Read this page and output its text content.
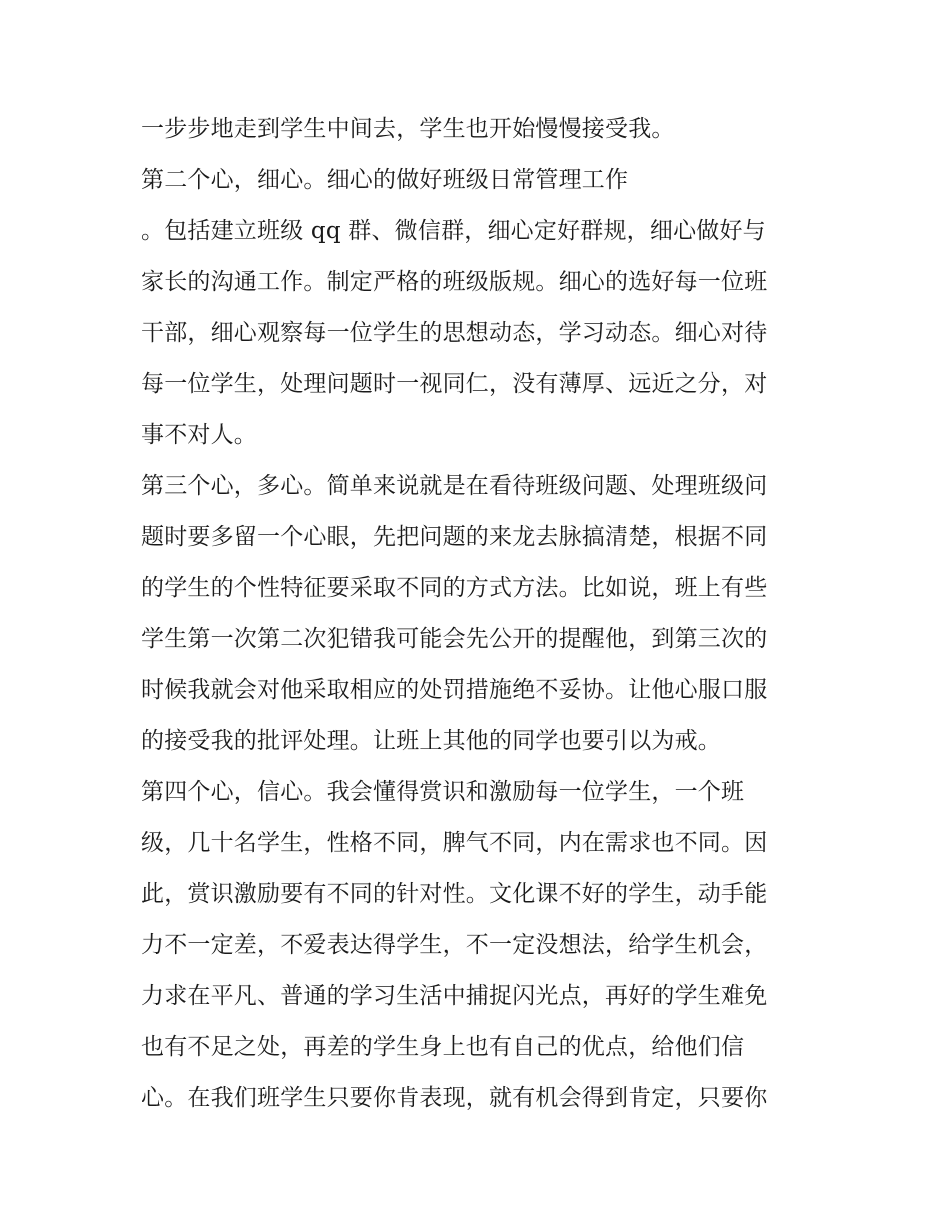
一步步地走到学生中间去，学生也开始慢慢接受我。
第二个心，细心。细心的做好班级日常管理工作
。包括建立班级 qq 群、微信群，细心定好群规，细心做好与
家长的沟通工作。制定严格的班级版规。细心的选好每一位班
干部，细心观察每一位学生的思想动态，学习动态。细心对待
每一位学生，处理问题时一视同仁，没有薄厚、远近之分，对
事不对人。
第三个心，多心。简单来说就是在看待班级问题、处理班级问
题时要多留一个心眼，先把问题的来龙去脉搞清楚，根据不同
的学生的个性特征要采取不同的方式方法。比如说，班上有些
学生第一次第二次犯错我可能会先公开的提醒他，到第三次的
时候我就会对他采取相应的处罚措施绝不妥协。让他心服口服
的接受我的批评处理。让班上其他的同学也要引以为戒。
第四个心，信心。我会懂得赏识和激励每一位学生，一个班
级，几十名学生，性格不同，脾气不同，内在需求也不同。因
此，赏识激励要有不同的针对性。文化课不好的学生，动手能
力不一定差，不爱表达得学生，不一定没想法，给学生机会，
力求在平凡、普通的学习生活中捕捉闪光点，再好的学生难免
也有不足之处，再差的学生身上也有自己的优点，给他们信
心。在我们班学生只要你肯表现，就有机会得到肯定，只要你
